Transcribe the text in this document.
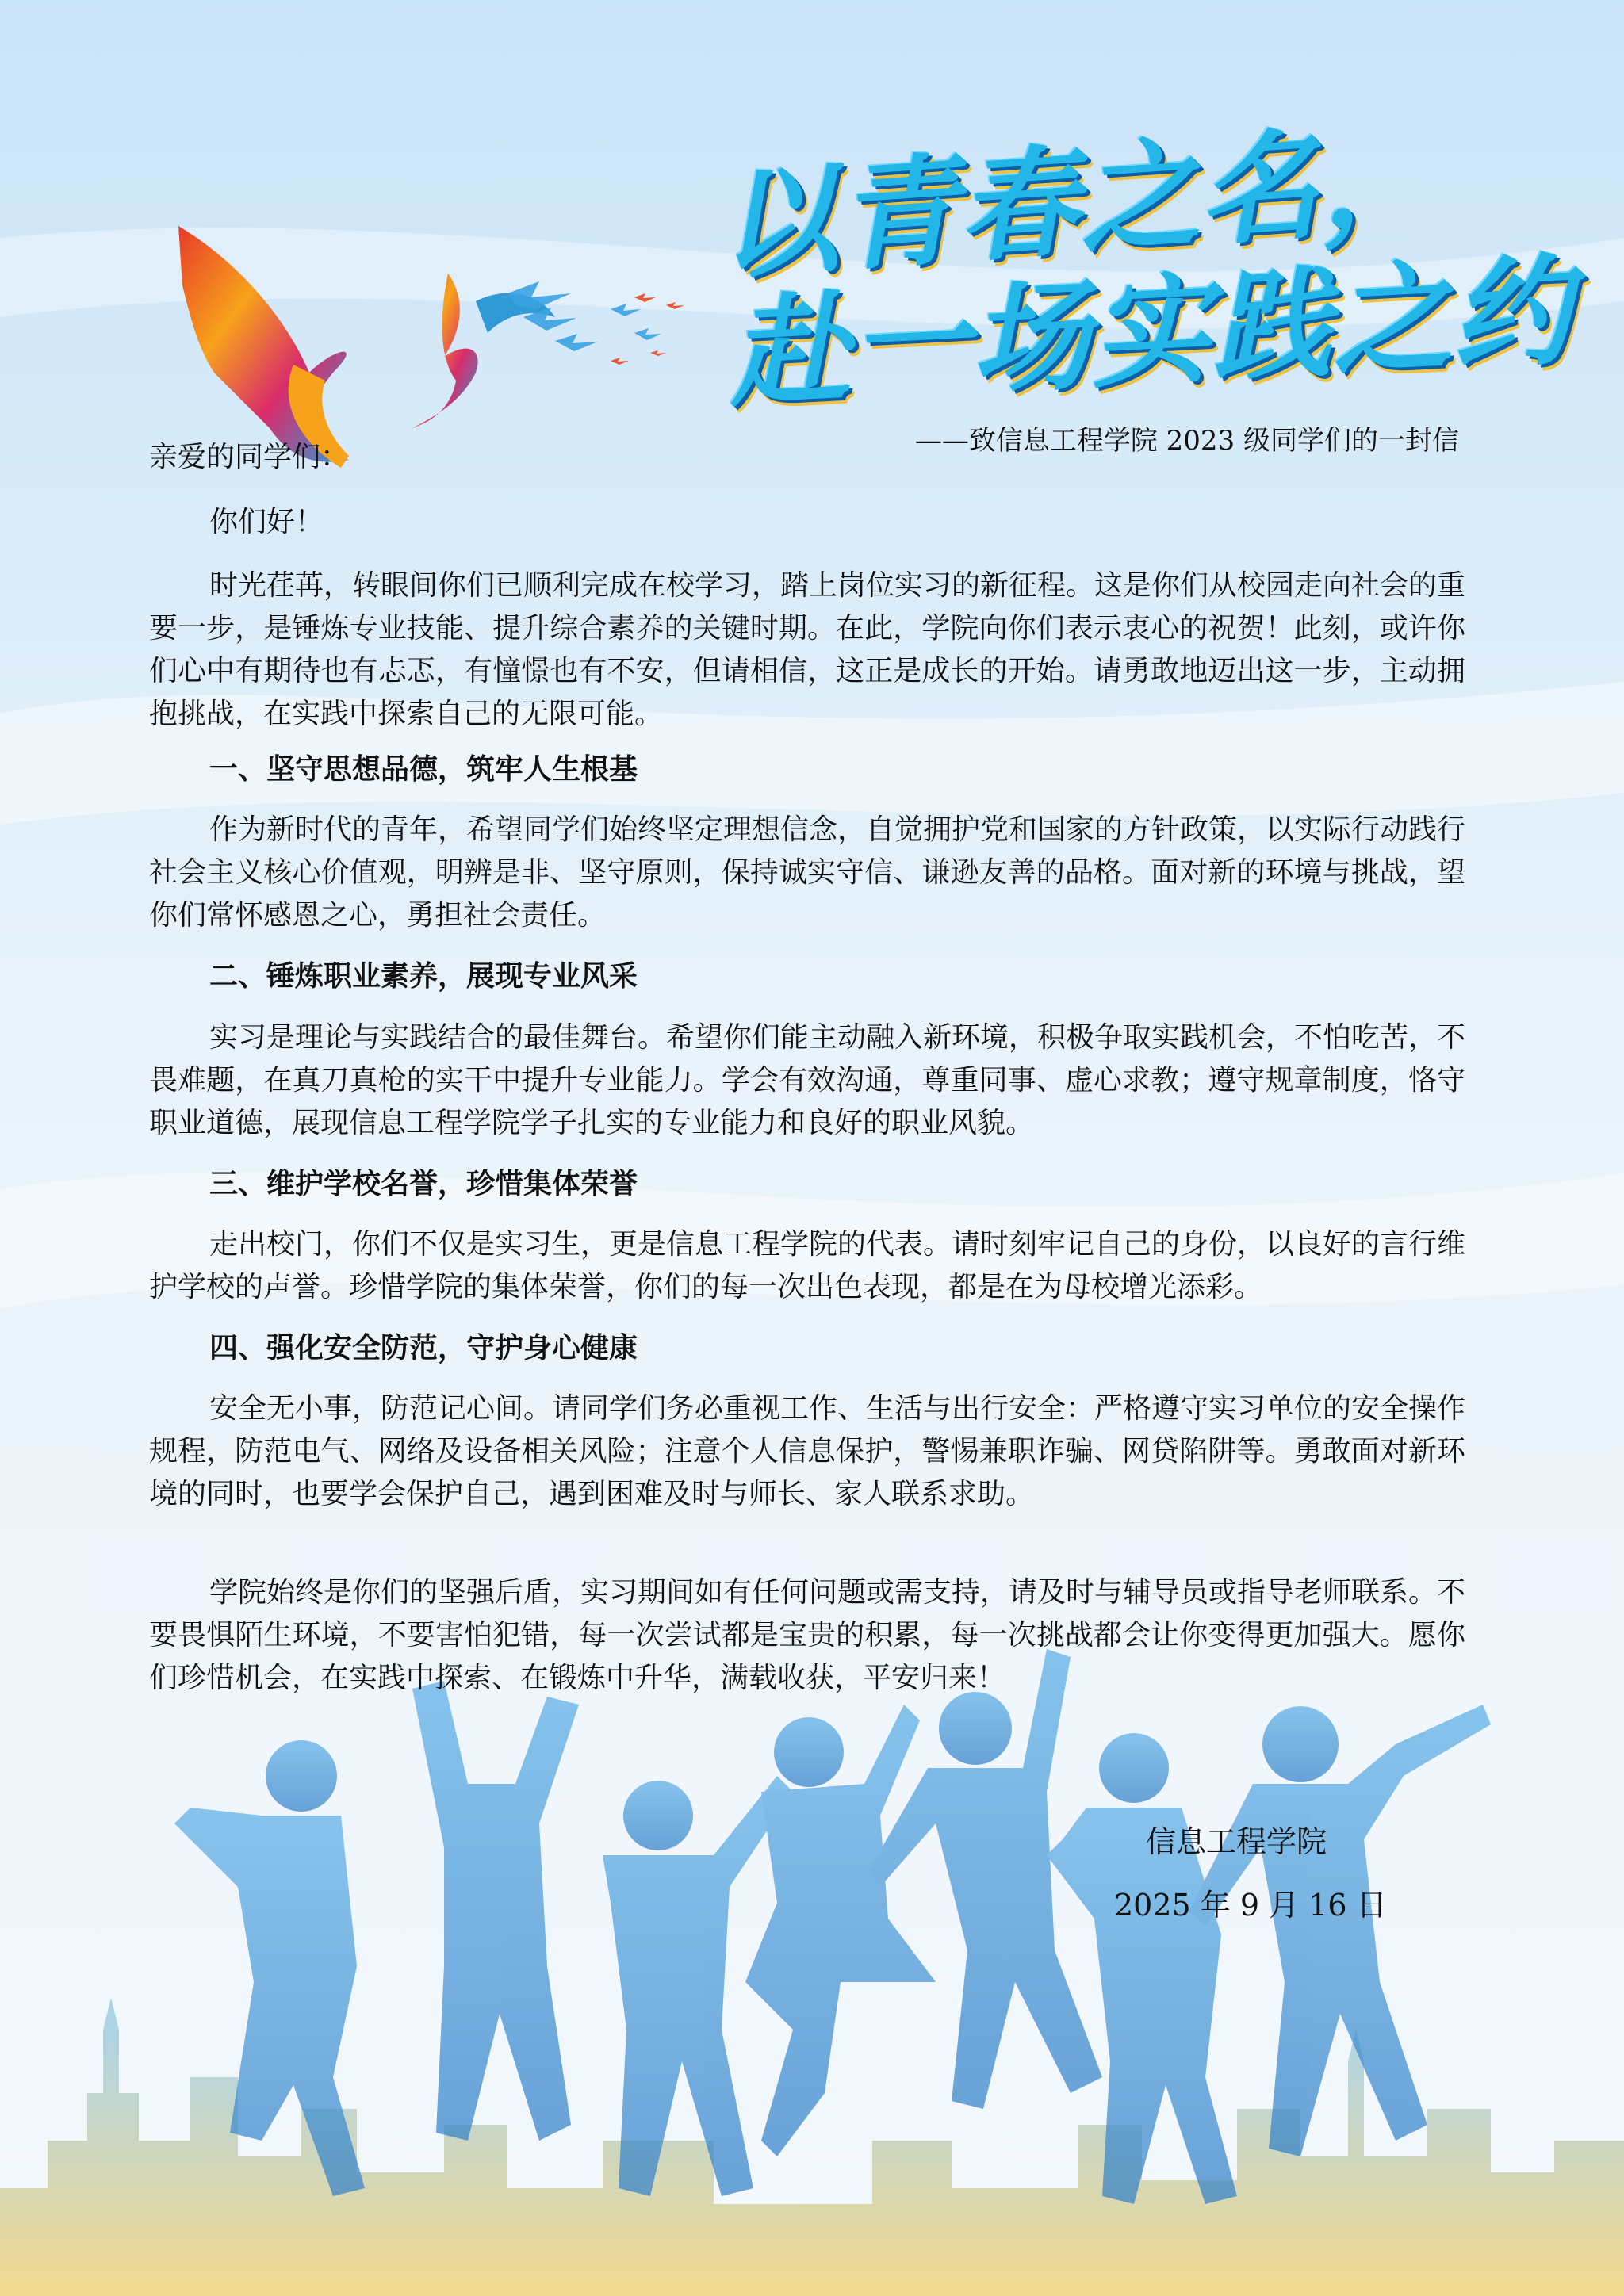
以青春之名，
赴一场实践之约
——致信息工程学院 2023 级同学们的一封信

亲爱的同学们：

你们好！

时光荏苒，转眼间你们已顺利完成在校学习，踏上岗位实习的新征程。这是你们从校园走向社会的重要一步，是锤炼专业技能、提升综合素养的关键时期。在此，学院向你们表示衷心的祝贺！此刻，或许你们心中有期待也有忐忑，有憧憬也有不安，但请相信，这正是成长的开始。请勇敢地迈出这一步，主动拥抱挑战，在实践中探索自己的无限可能。

一、坚守思想品德，筑牢人生根基

作为新时代的青年，希望同学们始终坚定理想信念，自觉拥护党和国家的方针政策，以实际行动践行社会主义核心价值观，明辨是非、坚守原则，保持诚实守信、谦逊友善的品格。面对新的环境与挑战，望你们常怀感恩之心，勇担社会责任。

二、锤炼职业素养，展现专业风采

实习是理论与实践结合的最佳舞台。希望你们能主动融入新环境，积极争取实践机会，不怕吃苦，不畏难题，在真刀真枪的实干中提升专业能力。学会有效沟通，尊重同事、虚心求教；遵守规章制度，恪守职业道德，展现信息工程学院学子扎实的专业能力和良好的职业风貌。

三、维护学校名誉，珍惜集体荣誉

走出校门，你们不仅是实习生，更是信息工程学院的代表。请时刻牢记自己的身份，以良好的言行维护学校的声誉。珍惜学院的集体荣誉，你们的每一次出色表现，都是在为母校增光添彩。

四、强化安全防范，守护身心健康

安全无小事，防范记心间。请同学们务必重视工作、生活与出行安全：严格遵守实习单位的安全操作规程，防范电气、网络及设备相关风险；注意个人信息保护，警惕兼职诈骗、网贷陷阱等。勇敢面对新环境的同时，也要学会保护自己，遇到困难及时与师长、家人联系求助。

学院始终是你们的坚强后盾，实习期间如有任何问题或需支持，请及时与辅导员或指导老师联系。不要畏惧陌生环境，不要害怕犯错，每一次尝试都是宝贵的积累，每一次挑战都会让你变得更加强大。愿你们珍惜机会，在实践中探索、在锻炼中升华，满载收获，平安归来！

信息工程学院
2025 年 9 月 16 日
